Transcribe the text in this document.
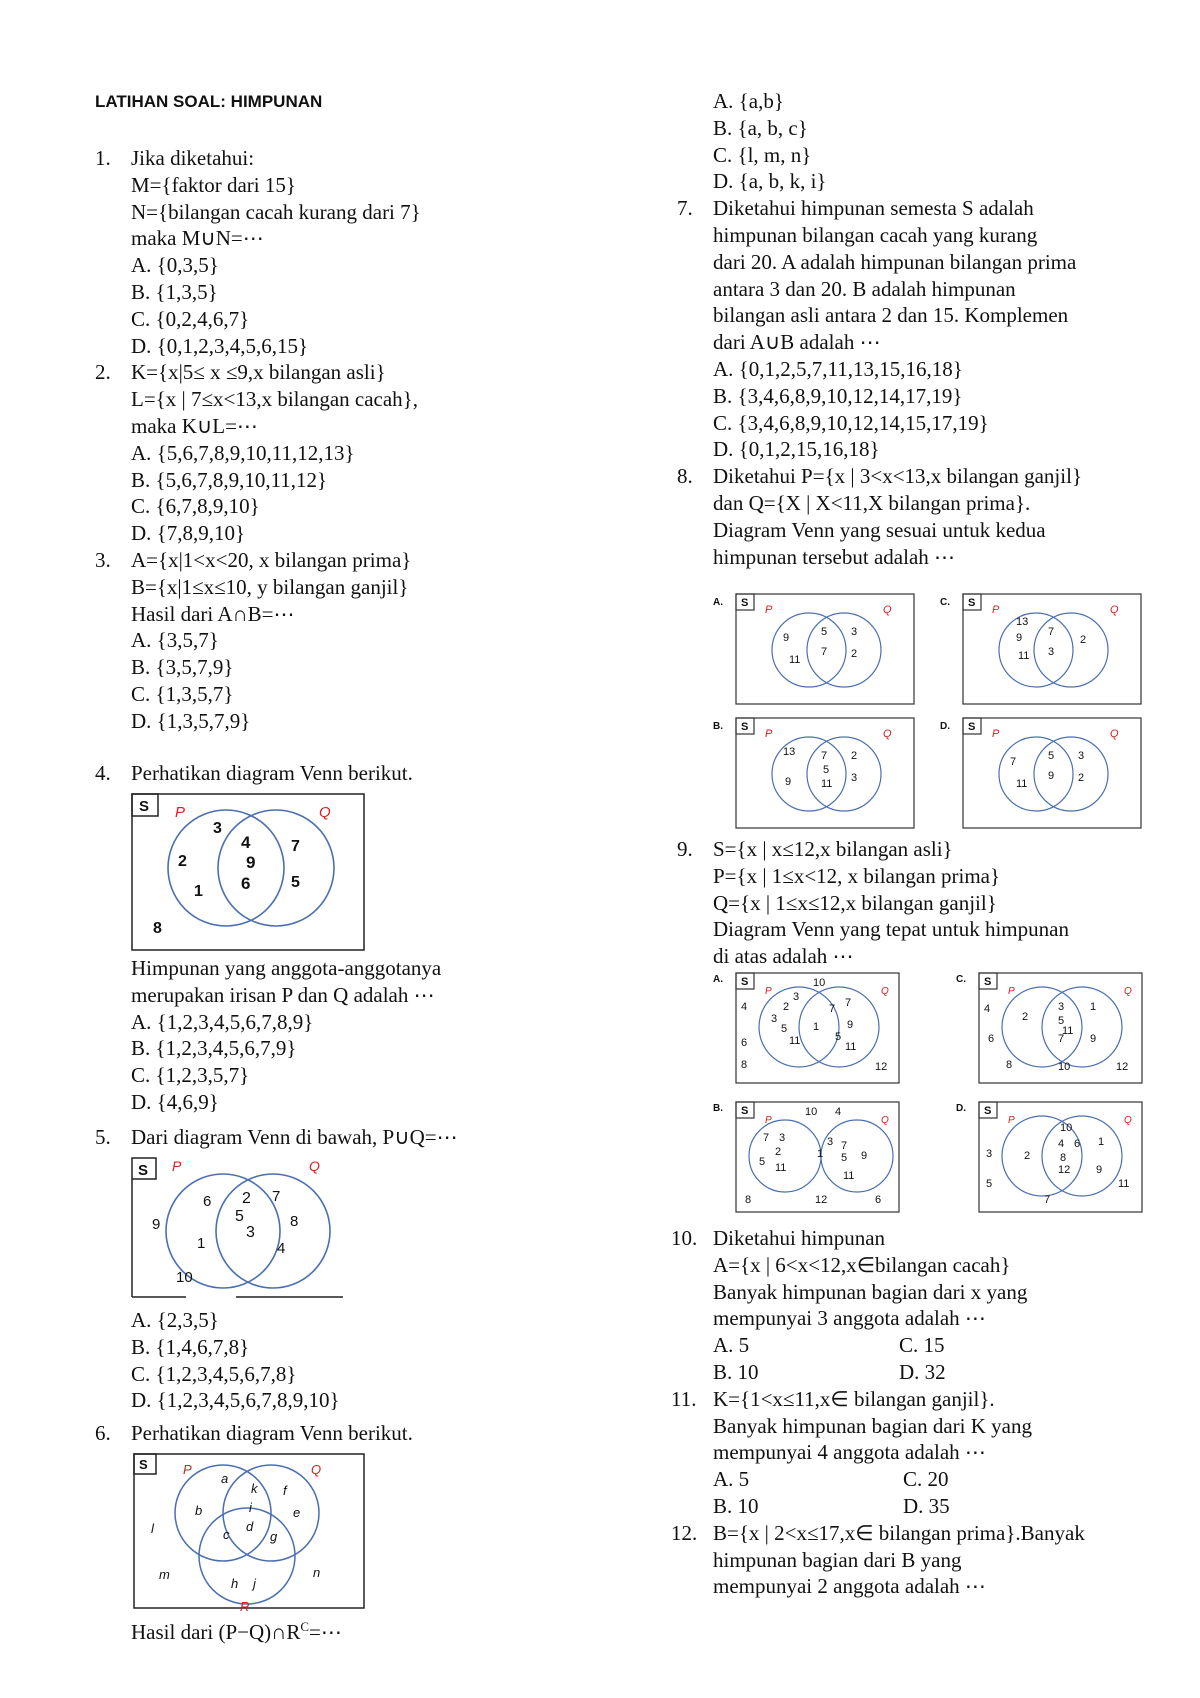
LATIHAN SOAL: HIMPUNAN
1. Jika diketahui:
M={faktor dari 15}
N={bilangan cacah kurang dari 7}
maka M∪N=⋯
A. {0,3,5}
B. {1,3,5}
C. {0,2,4,6,7}
D. {0,1,2,3,4,5,6,15}
2. K={x|5≤ x ≤9,x bilangan asli}
L={x | 7≤x<13,x bilangan cacah},
maka K∪L=⋯
A. {5,6,7,8,9,10,11,12,13}
B. {5,6,7,8,9,10,11,12}
C. {6,7,8,9,10}
D. {7,8,9,10}
3. A={x|1<x<20, x bilangan prima}
B={x|1≤x≤10, y bilangan ganjil}
Hasil dari A∩B=⋯
A. {3,5,7}
B. {3,5,7,9}
C. {1,3,5,7}
D. {1,3,5,7,9}
4. Perhatikan diagram Venn berikut.
S P	Q
3
2
1
4
9
6
7
5
8
Himpunan yang anggota-anggotanya
merupakan irisan P dan Q adalah ⋯
A. {1,2,3,4,5,6,7,8,9}
B. {1,2,3,4,5,6,7,9}
C. {1,2,3,5,7}
D. {4,6,9}
5. Dari diagram Venn di bawah, P∪Q=⋯
S P	Q
6
1
2
5
3
7
8
4
9
10
A. {2,3,5}
B. {1,4,6,7,8}
C. {1,2,3,4,5,6,7,8}
D. {1,2,3,4,5,6,7,8,9,10}
6. Perhatikan diagram Venn berikut.
S	P	Q
R
a
k f
b	i	e
c
d
g
l
m
h j
n
Hasil dari $(P-Q)\cap R^C=\cdots$
A. {a,b}
B. {a, b, c}
C. {l, m, n}
D. {a, b, k, i}
7. Diketahui himpunan semesta S adalah
himpunan bilangan cacah yang kurang
dari 20. A adalah himpunan bilangan prima
antara 3 dan 20. B adalah himpunan
bilangan asli antara 2 dan 15. Komplemen
dari A∪B adalah ⋯
A. {0,1,2,5,7,11,13,15,16,18}
B. {3,4,6,8,9,10,12,14,17,19}
C. {3,4,6,8,9,10,12,14,15,17,19}
D. {0,1,2,15,16,18}
8. Diketahui P={x | 3<x<13,x bilangan ganjil}
dan Q={X | X<11,X bilangan prima}.
Diagram Venn yang sesuai untuk kedua
himpunan tersebut adalah ⋯
A. S
P	Q
9
11
5
7
3
2
C. S
P	Q
13
9
11
7
3
2
B. S
P	Q
13
9
7
5
11
2
3
D. S
P	Q
7
11
5
9
3
2
9. S={x | x≤12,x bilangan asli}
P={x | 1≤x<12, x bilangan prima}
Q={x | 1≤x≤12,x bilangan ganjil}
Diagram Venn yang tepat untuk himpunan
di atas adalah ⋯
A. S
P	Q
10
3
2
4
3
5
7 7
1	9
6	11	5
11
8	12
C. S
P	Q
2
3 1
4
5
11
6	7 9
8	10	12
B. S
P	Q
10 4
7 3
2
3 7
5 11
1 5 9
11
8	12	6
D. S
P	Q
10
4 6 1
3	2	8
12 9
5	11
7
10. Diketahui himpunan
A={x | 6<x<12,x∈bilangan cacah}
Banyak himpunan bagian dari x yang
mempunyai 3 anggota adalah ⋯
A. 5	C. 15
B. 10	D. 32
11. K={1<x≤11,x∈ bilangan ganjil}.
Banyak himpunan bagian dari K yang
mempunyai 4 anggota adalah ⋯
A. 5	C. 20
B. 10	D. 35
12. B={x | 2<x≤17,x∈ bilangan prima}.Banyak
himpunan bagian dari B yang
mempunyai 2 anggota adalah ⋯
